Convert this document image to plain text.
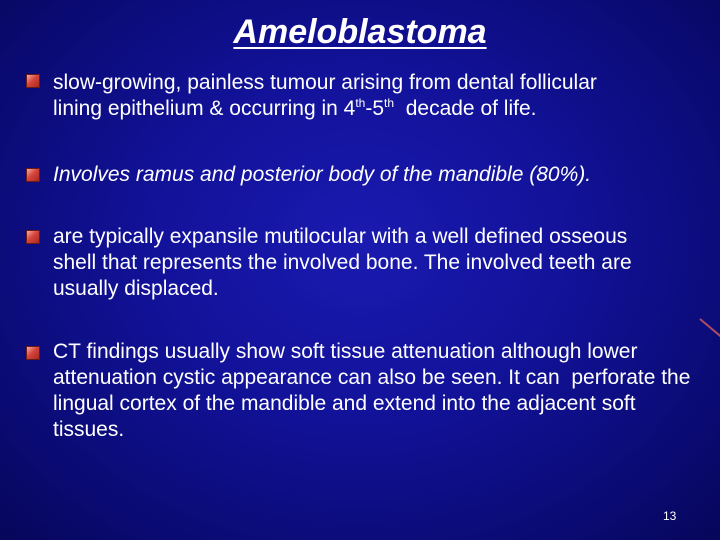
Ameloblastoma
slow-growing, painless tumour arising from dental follicular
lining epithelium & occurring in 4th-5th  decade of life.
Involves ramus and posterior body of the mandible (80%).
are typically expansile mutilocular with a well defined osseous shell that represents the involved bone. The involved teeth are usually displaced.
CT findings usually show soft tissue attenuation although lower attenuation cystic appearance can also be seen. It can  perforate the lingual cortex of the mandible and extend into the adjacent soft tissues.
13
